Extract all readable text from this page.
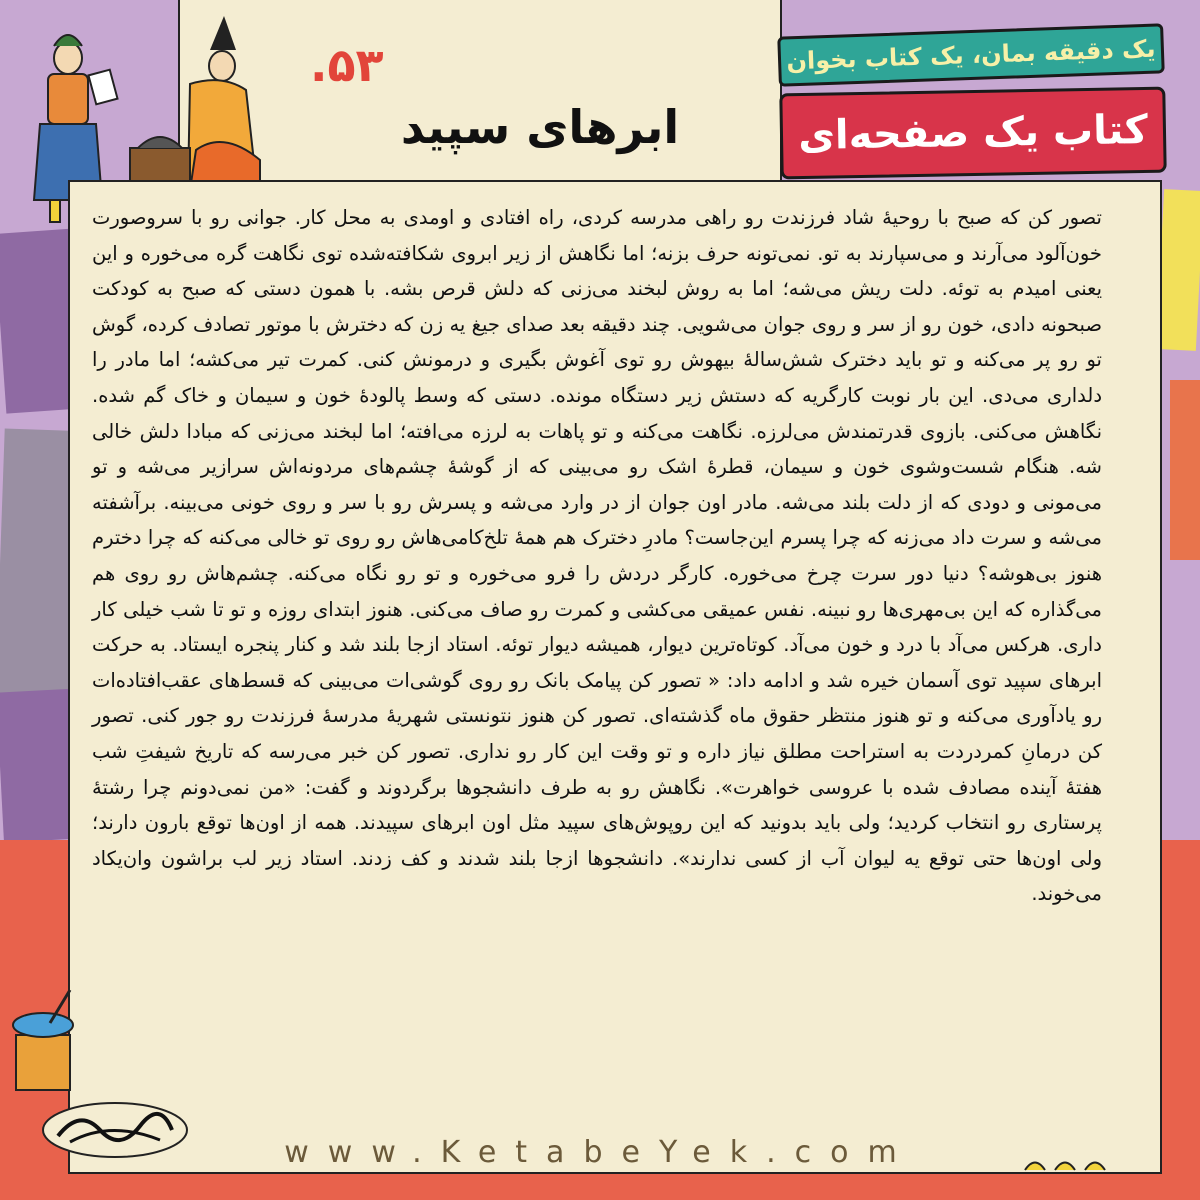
۵۳.
ابرهای سپید
یک دقیقه بمان، یک کتاب بخوان
کتاب یک صفحه‌ای
تصور کن که صبح با روحیهٔ شاد فرزندت رو راهی مدرسه کردی، راه افتادی و اومدی به محل کار. جوانی رو با سروصورت خون‌آلود می‌آرند و می‌سپارند به تو. نمی‌تونه حرف بزنه؛ اما نگاهش از زیر ابروی شکافته‌شده توی نگاهت گره می‌خوره و این یعنی امیدم به توئه. دلت ریش می‌شه؛ اما به روش لبخند می‌زنی که دلش قرص بشه. با همون دستی که صبح به کودکت صبحونه دادی، خون رو از سر و روی جوان می‌شویی. چند دقیقه بعد صدای جیغ یه زن که دخترش با موتور تصادف کرده، گوش تو رو پر می‌کنه و تو باید دخترک شش‌سالهٔ بیهوش رو توی آغوش بگیری و درمونش کنی. کمرت تیر می‌کشه؛ اما مادر را دلداری می‌دی. این بار نوبت کارگریه که دستش زیر دستگاه مونده. دستی که وسط پالودهٔ خون و سیمان و خاک گم شده. نگاهش می‌کنی. بازوی قدرتمندش می‌لرزه. نگاهت می‌کنه و تو پاهات به لرزه می‌افته؛ اما لبخند می‌زنی که مبادا دلش خالی شه. هنگام شست‌وشوی خون و سیمان، قطرهٔ اشک رو می‌بینی که از گوشهٔ چشم‌های مردونه‌اش سرازیر می‌شه و تو می‌مونی و دودی که از دلت بلند می‌شه. مادر اون جوان از در وارد می‌شه و پسرش رو با سر و روی خونی می‌بینه. برآشفته می‌شه و سرت داد می‌زنه که چرا پسرم این‌جاست؟ مادرِ دخترک هم همهٔ تلخ‌کامی‌هاش رو روی تو خالی می‌کنه که چرا دخترم هنوز بی‌هوشه؟ دنیا دور سرت چرخ می‌خوره. کارگر دردش را فرو می‌خوره و تو رو نگاه می‌کنه. چشم‌هاش رو روی هم می‌گذاره که این بی‌مهری‌ها رو نبینه. نفس عمیقی می‌کشی و کمرت رو صاف می‌کنی. هنوز ابتدای روزه و تو تا شب خیلی کار داری. هرکس می‌آد با درد و خون می‌آد. کوتاه‌ترین دیوار، همیشه دیوار توئه. استاد ازجا بلند شد و کنار پنجره ایستاد. به حرکت ابرهای سپید توی آسمان خیره شد و ادامه داد: « تصور کن پیامک بانک رو روی گوشی‌ات می‌بینی که قسط‌های عقب‌افتاده‌ات رو یادآوری می‌کنه و تو هنوز منتظر حقوق ماه گذشته‌ای. تصور کن هنوز نتونستی شهریهٔ مدرسهٔ فرزندت رو جور کنی. تصور کن درمانِ کمردردت به استراحت مطلق نیاز داره و تو وقت این کار رو نداری. تصور کن خبر می‌رسه که تاریخ شیفتِ شب هفتهٔ آینده مصادف شده با عروسی خواهرت». نگاهش رو به طرف دانشجوها برگردوند و گفت: «من نمی‌دونم چرا رشتهٔ پرستاری رو انتخاب کردید؛ ولی باید بدونید که این روپوش‌های سپید مثل اون ابرهای سپیدند. همه از اون‌ها توقع بارون دارند؛ ولی اون‌ها حتی توقع یه لیوان آب از کسی ندارند». دانشجوها ازجا بلند شدند و کف زدند. استاد زیر لب براشون وان‌یکاد می‌خوند.
www.KetabeYek.com
